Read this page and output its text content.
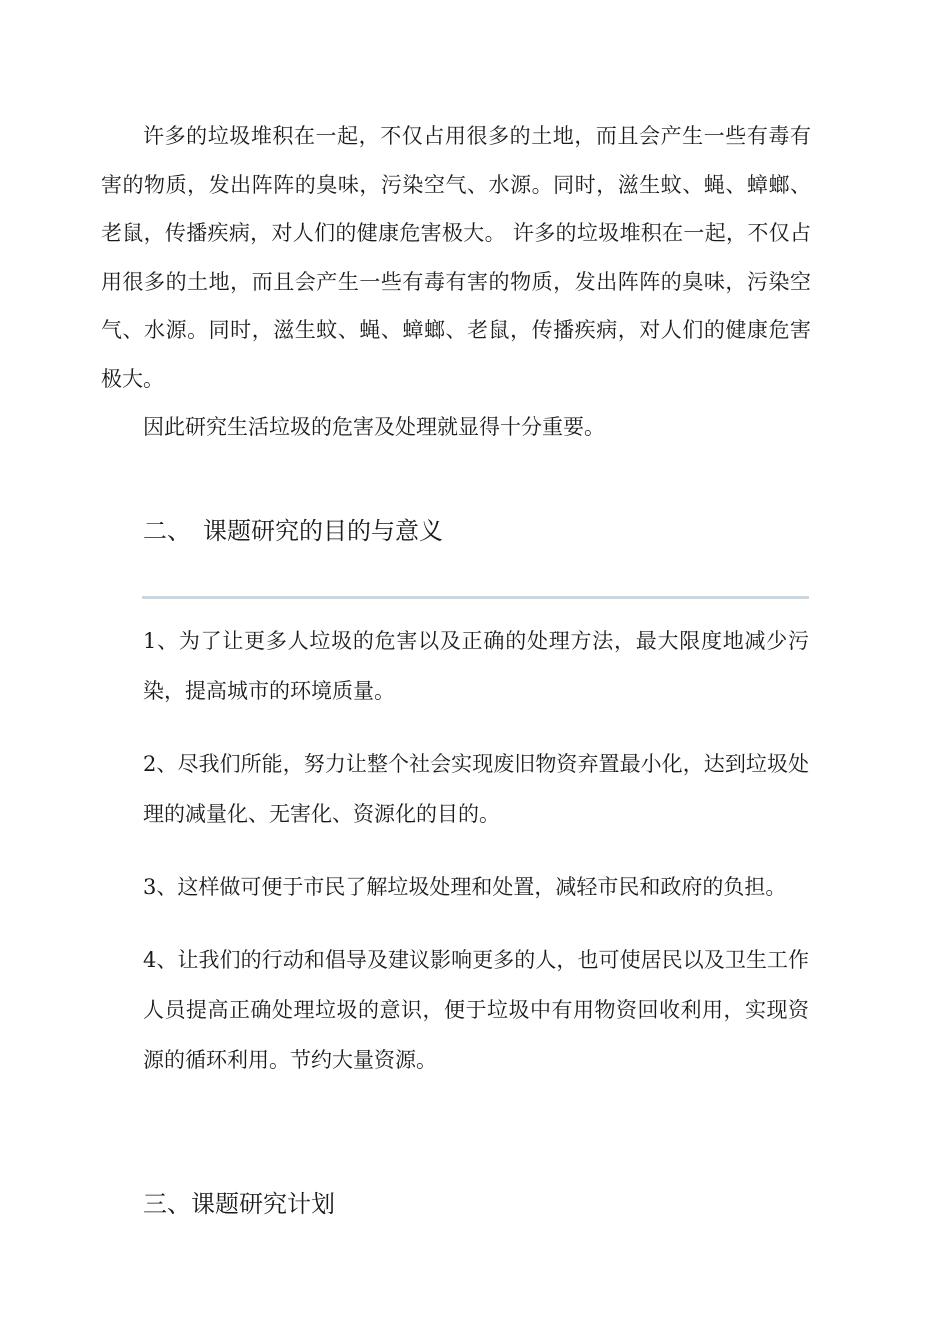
许多的垃圾堆积在一起，不仅占用很多的土地，而且会产生一些有毒有害的物质，发出阵阵的臭味，污染空气、水源。同时，滋生蚊、蝇、蟑螂、老鼠，传播疾病，对人们的健康危害极大。 许多的垃圾堆积在一起，不仅占用很多的土地，而且会产生一些有毒有害的物质，发出阵阵的臭味，污染空气、水源。同时，滋生蚊、蝇、蟑螂、老鼠，传播疾病，对人们的健康危害极大。

因此研究生活垃圾的危害及处理就显得十分重要。

二、 课题研究的目的与意义

1、为了让更多人垃圾的危害以及正确的处理方法，最大限度地减少污染，提高城市的环境质量。

2、尽我们所能，努力让整个社会实现废旧物资弃置最小化，达到垃圾处理的减量化、无害化、资源化的目的。

3、这样做可便于市民了解垃圾处理和处置，减轻市民和政府的负担。

4、让我们的行动和倡导及建议影响更多的人，也可使居民以及卫生工作人员提高正确处理垃圾的意识，便于垃圾中有用物资回收利用，实现资源的循环利用。节约大量资源。

三、课题研究计划
